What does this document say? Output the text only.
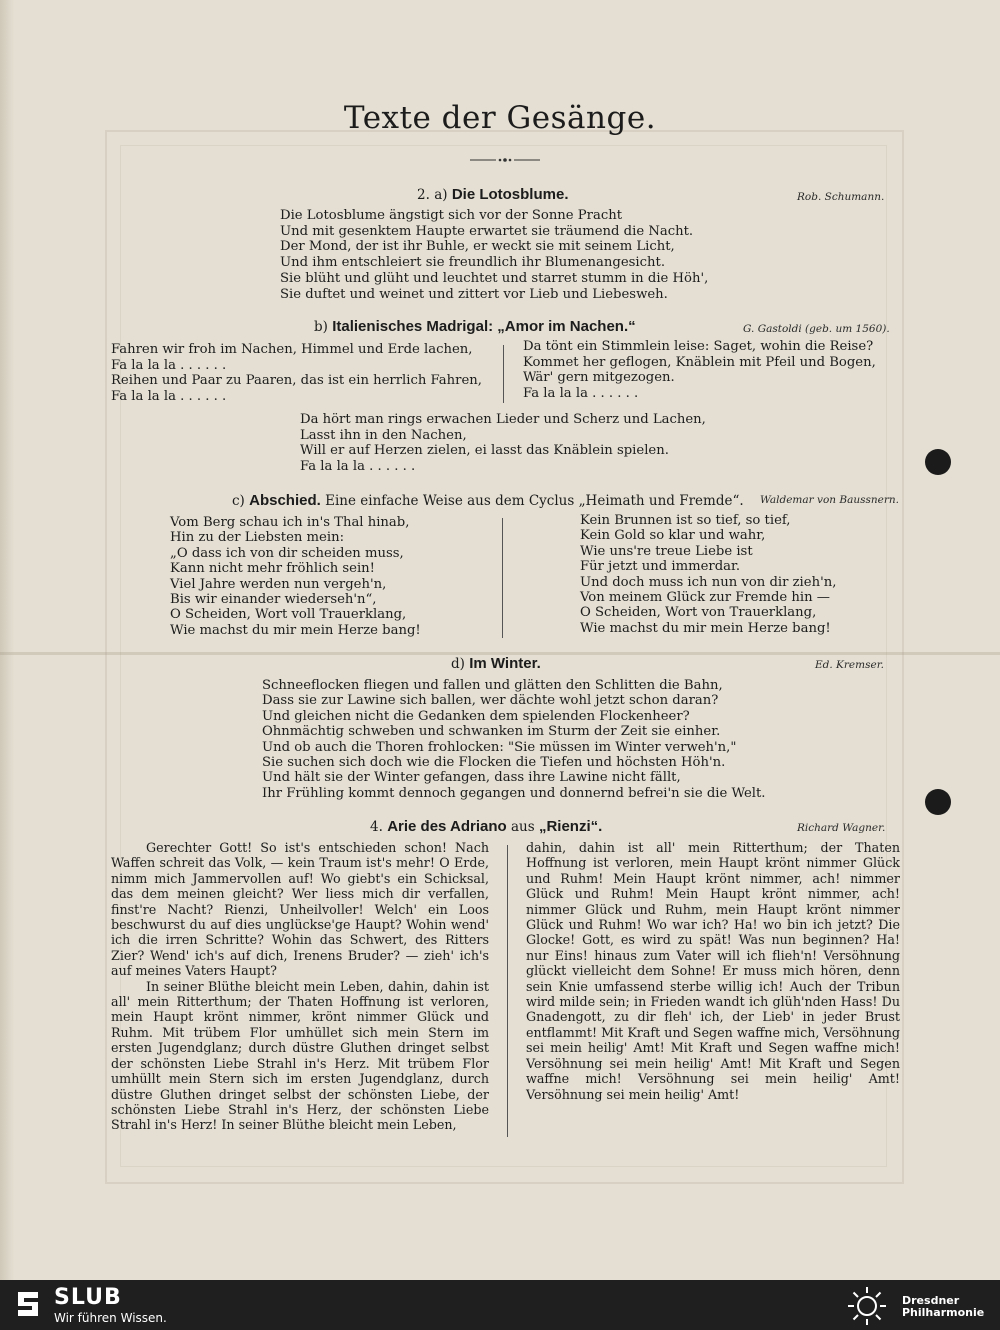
Texte der Gesänge.
2. a) Die Lotosblume.	Rob. Schumann.

Die Lotosblume ängstigt sich vor der Sonne Pracht
Und mit gesenktem Haupte erwartet sie träumend die Nacht.
Der Mond, der ist ihr Buhle, er weckt sie mit seinem Licht,
Und ihm entschleiert sie freundlich ihr Blumenangesicht.
Sie blüht und glüht und leuchtet und starret stumm in die Höh',
Sie duftet und weinet und zittert vor Lieb und Liebesweh.

b) Italienisches Madrigal: „Amor im Nachen.“	G. Gastoldi (geb. um 1560).

Fahren wir froh im Nachen, Himmel und Erde lachen,
Fa la la la . . . . . .
Reihen und Paar zu Paaren, das ist ein herrlich Fahren,
Fa la la la . . . . . .

Da tönt ein Stimmlein leise: Saget, wohin die Reise?
Kommet her geflogen, Knäblein mit Pfeil und Bogen,
Wär' gern mitgezogen.
Fa la la la . . . . . .

Da hört man rings erwachen Lieder und Scherz und Lachen,
Lasst ihn in den Nachen,
Will er auf Herzen zielen, ei lasst das Knäblein spielen.
Fa la la la . . . . . .

c) Abschied. Eine einfache Weise aus dem Cyclus „Heimath und Fremde“. Waldemar von Baussnern.

Vom Berg schau ich in's Thal hinab,
Hin zu der Liebsten mein:
„O dass ich von dir scheiden muss,
Kann nicht mehr fröhlich sein!
Viel Jahre werden nun vergeh'n,
Bis wir einander wiederseh'n“,
O Scheiden, Wort voll Trauerklang,
Wie machst du mir mein Herze bang!

Kein Brunnen ist so tief, so tief,
Kein Gold so klar und wahr,
Wie uns're treue Liebe ist
Für jetzt und immerdar.
Und doch muss ich nun von dir zieh'n,
Von meinem Glück zur Fremde hin —
O Scheiden, Wort von Trauerklang,
Wie machst du mir mein Herze bang!

d) Im Winter.	Ed. Kremser.

Schneeflocken fliegen und fallen und glätten den Schlitten die Bahn,
Dass sie zur Lawine sich ballen, wer dächte wohl jetzt schon daran?
Und gleichen nicht die Gedanken dem spielenden Flockenheer?
Ohnmächtig schweben und schwanken im Sturm der Zeit sie einher.
Und ob auch die Thoren frohlocken: "Sie müssen im Winter verweh'n,"
Sie suchen sich doch wie die Flocken die Tiefen und höchsten Höh'n.
Und hält sie der Winter gefangen, dass ihre Lawine nicht fällt,
Ihr Frühling kommt dennoch gegangen und donnernd befrei'n sie die Welt.

4. Arie des Adriano aus „Rienzi“.	Richard Wagner.

Gerechter Gott! So ist's entschieden schon! Nach Waffen schreit das Volk, — kein Traum ist's mehr! O Erde, nimm mich Jammervollen auf! Wo giebt's ein Schicksal, das dem meinen gleicht? Wer liess mich dir verfallen, finst're Nacht? Rienzi, Unheilvoller! Welch' ein Loos beschwurst du auf dies unglückse'ge Haupt? Wohin wend' ich die irren Schritte? Wohin das Schwert, des Ritters Zier? Wend' ich's auf dich, Irenens Bruder? — zieh' ich's auf meines Vaters Haupt?

In seiner Blüthe bleicht mein Leben, dahin, dahin ist all' mein Ritterthum; der Thaten Hoffnung ist verloren, mein Haupt krönt nimmer, krönt nimmer Glück und Ruhm. Mit trübem Flor umhüllet sich mein Stern im ersten Jugendglanz; durch düstre Gluthen dringet selbst der schönsten Liebe Strahl in's Herz. Mit trübem Flor umhüllt mein Stern sich im ersten Jugendglanz, durch düstre Gluthen dringet selbst der schönsten Liebe, der schönsten Liebe Strahl in's Herz, der schönsten Liebe Strahl in's Herz! In seiner Blüthe bleicht mein Leben,

dahin, dahin ist all' mein Ritterthum; der Thaten Hoffnung ist verloren, mein Haupt krönt nimmer Glück und Ruhm! Mein Haupt krönt nimmer, ach! nimmer Glück und Ruhm! Mein Haupt krönt nimmer, ach! nimmer Glück und Ruhm, mein Haupt krönt nimmer Glück und Ruhm! Wo war ich? Ha! wo bin ich jetzt? Die Glocke! Gott, es wird zu spät! Was nun beginnen? Ha! nur Eins! hinaus zum Vater will ich flieh'n! Versöhnung glückt vielleicht dem Sohne! Er muss mich hören, denn sein Knie umfassend sterbe willig ich! Auch der Tribun wird milde sein; in Frieden wandt ich glüh'nden Hass! Du Gnadengott, zu dir fleh' ich, der Lieb' in jeder Brust entflammt! Mit Kraft und Segen waffne mich, Versöhnung sei mein heilig' Amt! Mit Kraft und Segen waffne mich! Versöhnung sei mein heilig' Amt! Mit Kraft und Segen waffne mich! Versöhnung sei mein heilig' Amt! Versöhnung sei mein heilig' Amt!

SLUB
Wir führen Wissen.
Dresdner
Philharmonie
